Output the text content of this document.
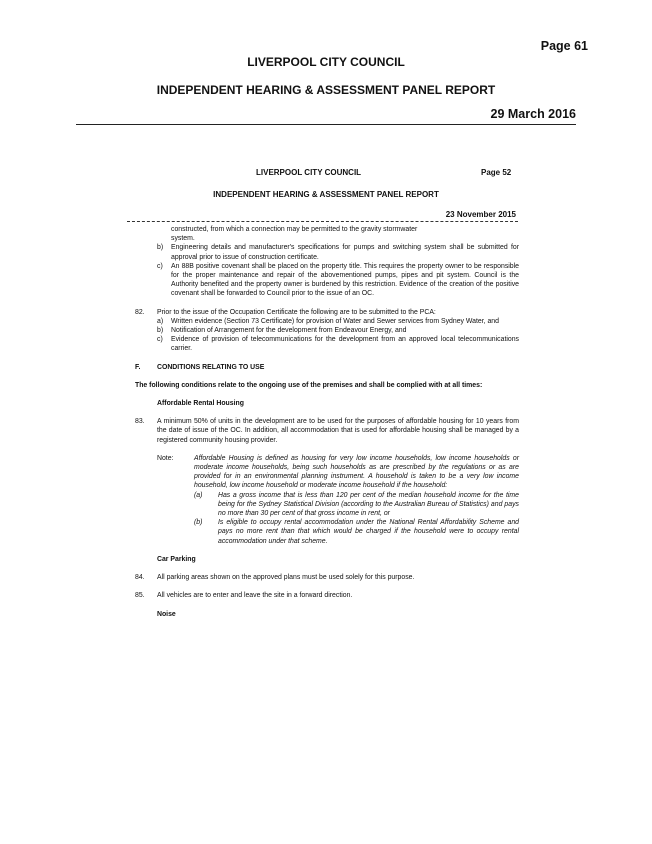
Page 61
LIVERPOOL CITY COUNCIL
INDEPENDENT HEARING & ASSESSMENT PANEL REPORT
29 March 2016
LIVERPOOL CITY COUNCIL	Page 52
INDEPENDENT HEARING & ASSESSMENT PANEL REPORT
23 November 2015

constructed, from which a connection may be permitted to the gravity stormwater

system.

b)	Engineering details and manufacturer's specifications for pumps and switching system shall be submitted for approval prior to issue of construction certificate.

c)	An 88B positive covenant shall be placed on the property title. This requires the property owner to be responsible for the proper maintenance and repair of the abovementioned pumps, pipes and pit system. Council is the Authority benefited and the property owner is burdened by this restriction. Evidence of the creation of the positive covenant shall be forwarded to Council prior to the issue of an OC.

82.	Prior to the issue of the Occupation Certificate the following are to be submitted to the PCA:

a)	Written evidence (Section 73 Certificate) for provision of Water and Sewer services from Sydney Water, and

b)	Notification of Arrangement for the development from Endeavour Energy, and

c)	Evidence of provision of telecommunications for the development from an approved local telecommunications carrier.

F.	CONDITIONS RELATING TO USE

The following conditions relate to the ongoing use of the premises and shall be complied with at all times:

Affordable Rental Housing

83.	A minimum 50% of units in the development are to be used for the purposes of affordable housing for 10 years from the date of issue of the OC. In addition, all accommodation that is used for affordable housing shall be managed by a registered community housing provider.

Note:	Affordable Housing is defined as housing for very low income households, low income households or moderate income households, being such households as are prescribed by the regulations or as are provided for in an environmental planning instrument. A household is taken to be a very low income household, low income household or moderate income household if the household:

(a)	Has a gross income that is less than 120 per cent of the median household income for the time being for the Sydney Statistical Division (according to the Australian Bureau of Statistics) and pays no more than 30 per cent of that gross income in rent, or

(b)	Is eligible to occupy rental accommodation under the National Rental Affordability Scheme and pays no more rent than that which would be charged if the household were to occupy rental accommodation under that scheme.

Car Parking

84.	All parking areas shown on the approved plans must be used solely for this purpose.

85.	All vehicles are to enter and leave the site in a forward direction.

Noise
